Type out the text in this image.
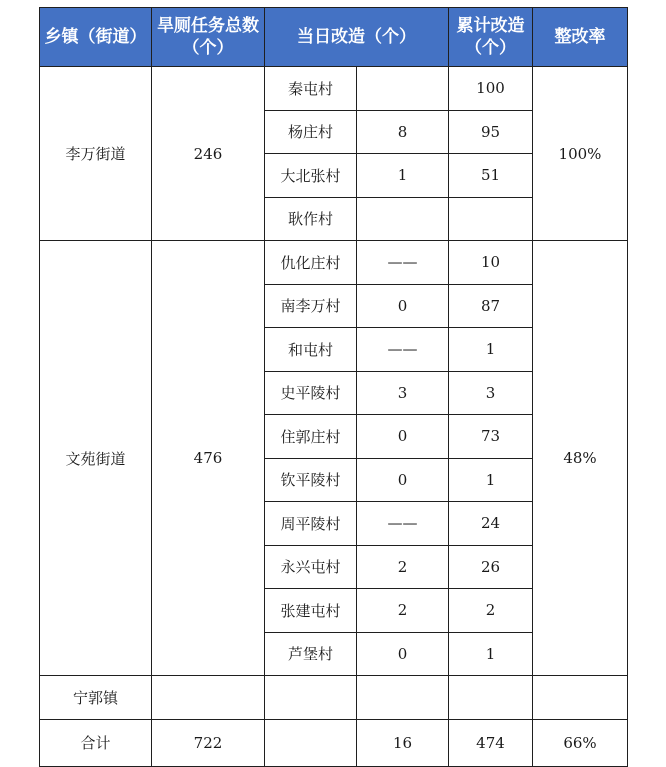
乡镇（街道）	旱厕任务总数（个）	当日改造（个）		累计改造（个）	整改率
李万街道	246	秦屯村		100	100%
		杨庄村	8	95	
		大北张村	1	51	
		耿作村			
文苑街道	476	仇化庄村	——	10	48%
		南李万村	0	87	
		和屯村	——	1	
		史平陵村	3	3	
		住郭庄村	0	73	
		钦平陵村	0	1	
		周平陵村	——	24	
		永兴屯村	2	26	
		张建屯村	2	2	
		芦堡村	0	1	
宁郭镇					
合计	722		16	474	66%
